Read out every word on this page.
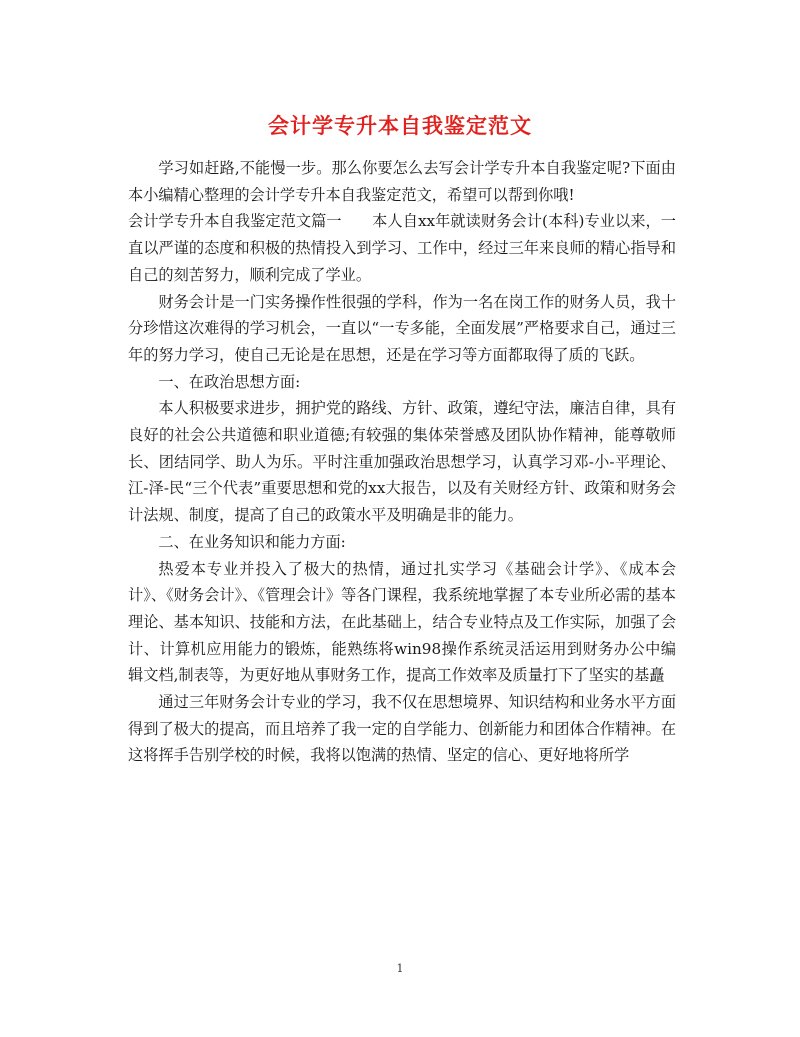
会计学专升本自我鉴定范文

学习如赶路,不能慢一步。那么你要怎么去写会计学专升本自我鉴定呢?下面由本小编精心整理的会计学专升本自我鉴定范文，希望可以帮到你哦!

会计学专升本自我鉴定范文篇一　　本人自xx年就读财务会计(本科)专业以来，一直以严谨的态度和积极的热情投入到学习、工作中，经过三年来良师的精心指导和自己的刻苦努力，顺利完成了学业。

财务会计是一门实务操作性很强的学科，作为一名在岗工作的财务人员，我十分珍惜这次难得的学习机会，一直以“一专多能，全面发展”严格要求自己，通过三年的努力学习，使自己无论是在思想，还是在学习等方面都取得了质的飞跃。

一、在政治思想方面:

本人积极要求进步，拥护党的路线、方针、政策，遵纪守法，廉洁自律，具有良好的社会公共道德和职业道德;有较强的集体荣誉感及团队协作精神，能尊敬师长、团结同学、助人为乐。平时注重加强政治思想学习，认真学习邓-小-平理论、江-泽-民“三个代表”重要思想和党的xx大报告，以及有关财经方针、政策和财务会计法规、制度，提高了自己的政策水平及明确是非的能力。

二、在业务知识和能力方面:

热爱本专业并投入了极大的热情，通过扎实学习《基础会计学》、《成本会计》、《财务会计》、《管理会计》等各门课程，我系统地掌握了本专业所必需的基本理论、基本知识、技能和方法，在此基础上，结合专业特点及工作实际，加强了会计、计算机应用能力的锻炼，能熟练将win98操作系统灵活运用到财务办公中编辑文档,制表等，为更好地从事财务工作，提高工作效率及质量打下了坚实的基矗

通过三年财务会计专业的学习，我不仅在思想境界、知识结构和业务水平方面得到了极大的提高，而且培养了我一定的自学能力、创新能力和团体合作精神。在这将挥手告别学校的时候，我将以饱满的热情、坚定的信心、更好地将所学

1
